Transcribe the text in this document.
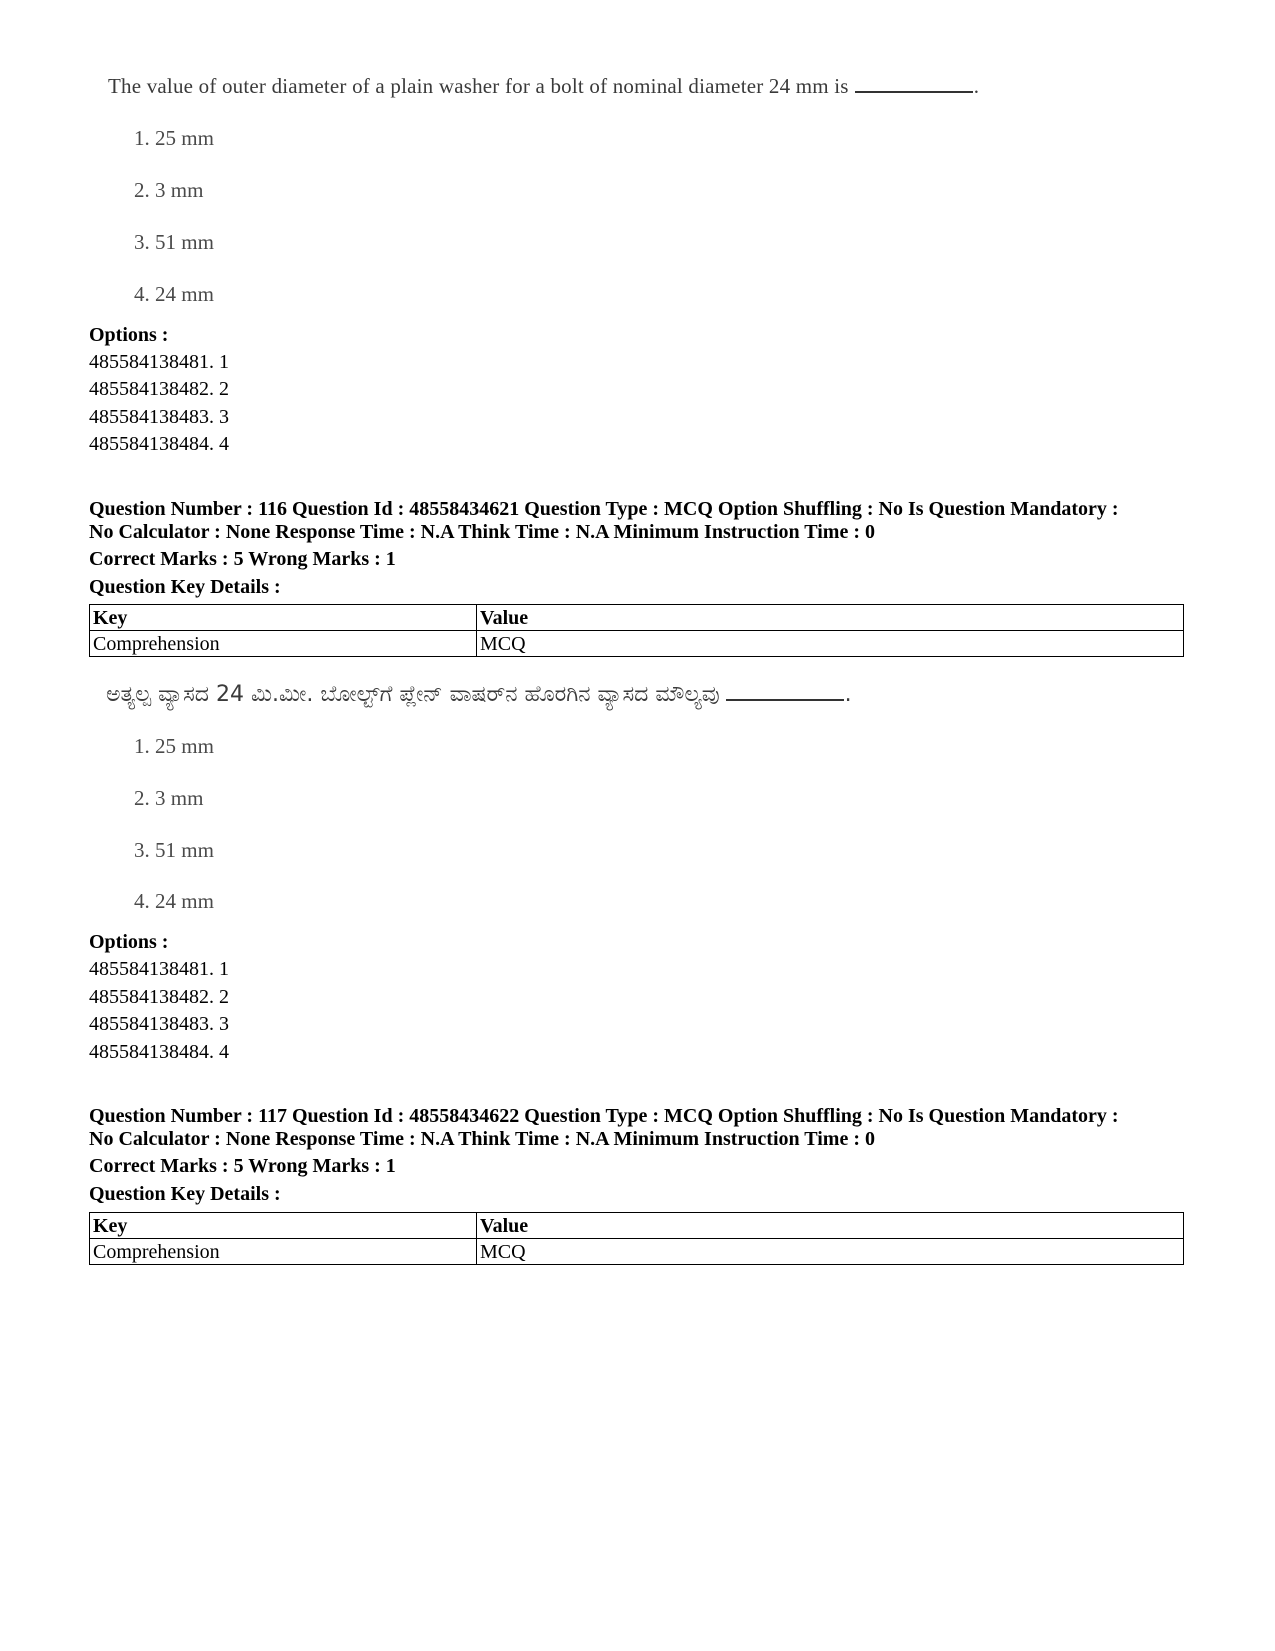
The value of outer diameter of a plain washer for a bolt of nominal diameter 24 mm is	.
1. 25 mm
2. 3 mm
3. 51 mm
4. 24 mm
Options :
485584138481. 1
485584138482. 2
485584138483. 3
485584138484. 4
Question Number : 116 Question Id : 48558434621 Question Type : MCQ Option Shuffling : No Is Question Mandatory :
No Calculator : None Response Time : N.A Think Time : N.A Minimum Instruction Time : 0
Correct Marks : 5 Wrong Marks : 1
Question Key Details :
Key	Value
Comprehension	MCQ
ಅತ್ಯಲ್ಪ ವ್ಯಾಸದ 24 ಮಿ.ಮೀ. ಬೋಲ್ಟ್‌ಗೆ ಪ್ಲೇನ್ ವಾಷರ್‌ನ ಹೊರಗಿನ ವ್ಯಾಸದ ಮೌಲ್ಯವು	.
1. 25 mm
2. 3 mm
3. 51 mm
4. 24 mm
Options :
485584138481. 1
485584138482. 2
485584138483. 3
485584138484. 4
Question Number : 117 Question Id : 48558434622 Question Type : MCQ Option Shuffling : No Is Question Mandatory :
No Calculator : None Response Time : N.A Think Time : N.A Minimum Instruction Time : 0
Correct Marks : 5 Wrong Marks : 1
Question Key Details :
Key	Value
Comprehension	MCQ
